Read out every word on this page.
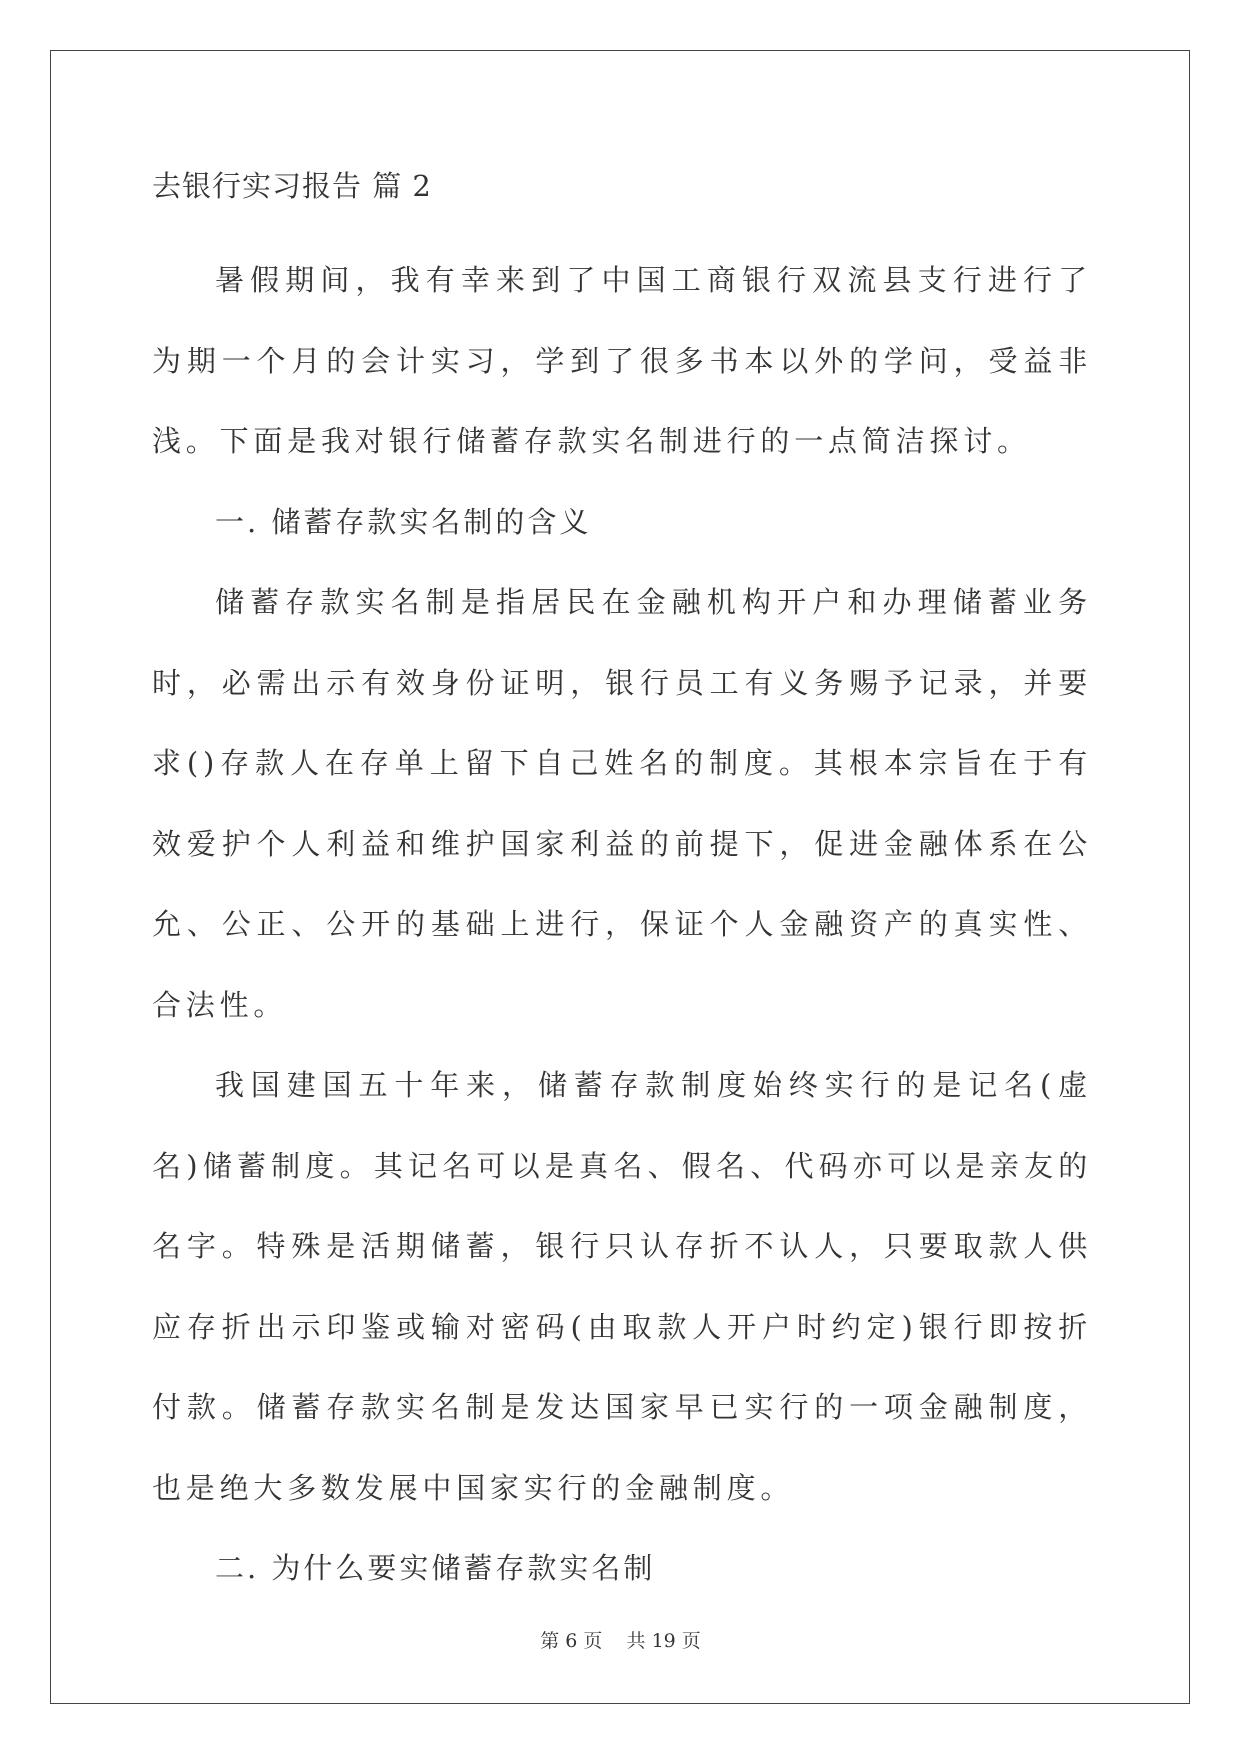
去银行实习报告 篇 2

暑假期间，我有幸来到了中国工商银行双流县支行进行了为期一个月的会计实习，学到了很多书本以外的学问，受益非浅。下面是我对银行储蓄存款实名制进行的一点简洁探讨。

一. 储蓄存款实名制的含义

储蓄存款实名制是指居民在金融机构开户和办理储蓄业务时，必需出示有效身份证明，银行员工有义务赐予记录，并要求()存款人在存单上留下自己姓名的制度。其根本宗旨在于有效爱护个人利益和维护国家利益的前提下，促进金融体系在公允、公正、公开的基础上进行，保证个人金融资产的真实性、合法性。

我国建国五十年来，储蓄存款制度始终实行的是记名(虚名)储蓄制度。其记名可以是真名、假名、代码亦可以是亲友的名字。特殊是活期储蓄，银行只认存折不认人，只要取款人供应存折出示印鉴或输对密码(由取款人开户时约定)银行即按折付款。储蓄存款实名制是发达国家早已实行的一项金融制度，也是绝大多数发展中国家实行的金融制度。

二. 为什么要实储蓄存款实名制

第 6 页 共 19 页
